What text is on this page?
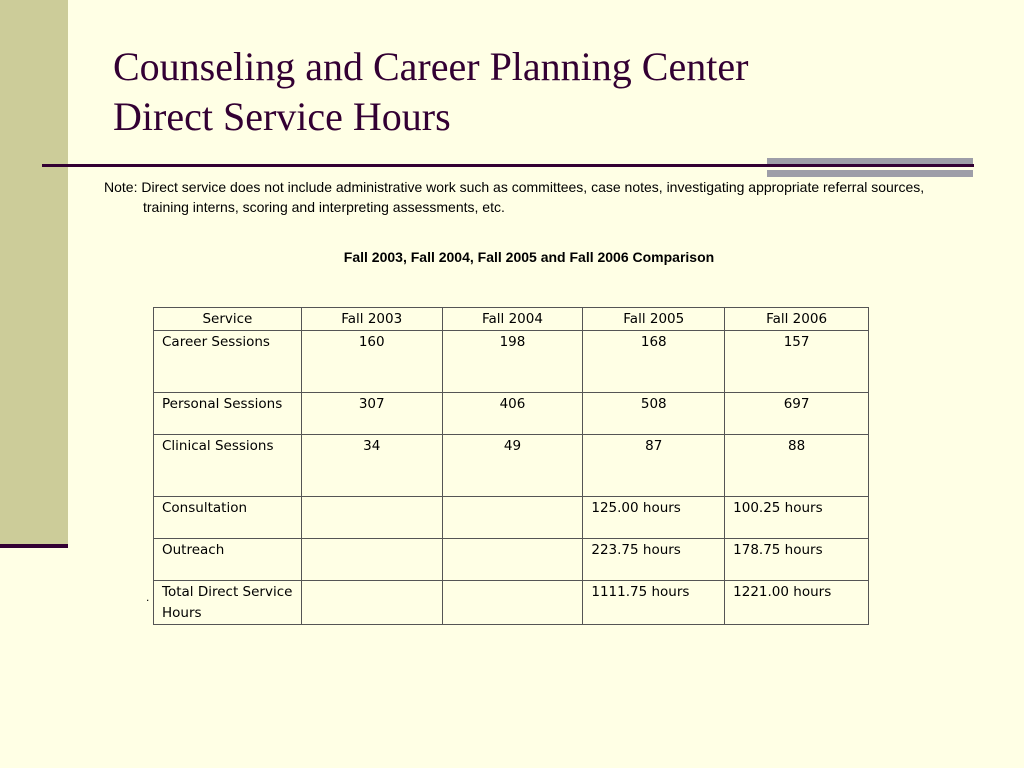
Counseling and Career Planning Center
Direct Service Hours
Note: Direct service does not include administrative work such as committees, case notes, investigating appropriate referral sources, training interns, scoring and interpreting assessments, etc.
Fall 2003, Fall 2004, Fall 2005 and Fall 2006 Comparison
.
Service	Fall 2003	Fall 2004	Fall 2005	Fall 2006
Career Sessions	160	198	168	157
Personal Sessions	307	406	508	697
Clinical Sessions	34	49	87	88
Consultation			125.00 hours	100.25 hours
Outreach			223.75 hours	178.75 hours
Total Direct Service Hours			1111.75 hours	1221.00 hours
